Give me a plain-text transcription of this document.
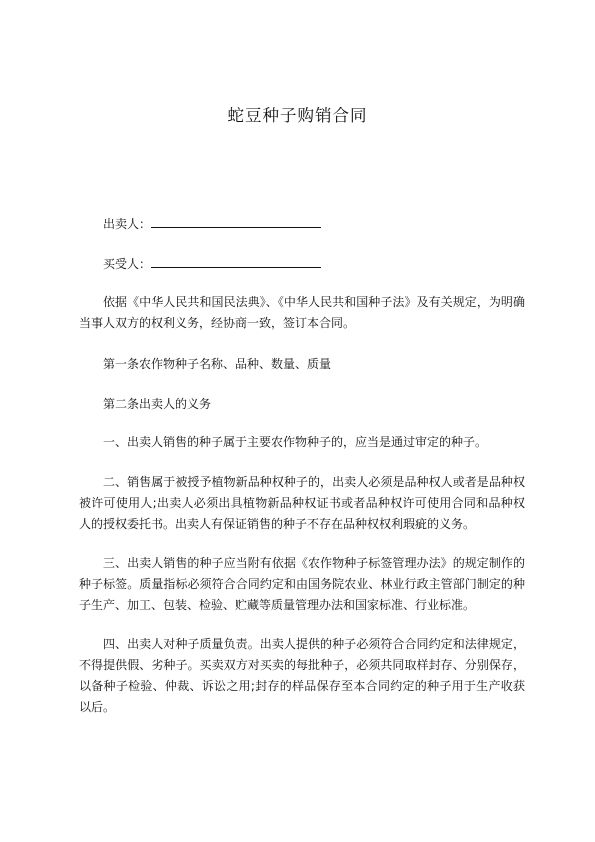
蛇豆种子购销合同
出卖人：
买受人：
依据《中华人民共和国民法典》、《中华人民共和国种子法》及有关规定，为明确当事人双方的权利义务，经协商一致，签订本合同。
第一条农作物种子名称、品种、数量、质量
第二条出卖人的义务
一、出卖人销售的种子属于主要农作物种子的，应当是通过审定的种子。
二、销售属于被授予植物新品种权种子的，出卖人必须是品种权人或者是品种权被许可使用人;出卖人必须出具植物新品种权证书或者品种权许可使用合同和品种权人的授权委托书。出卖人有保证销售的种子不存在品种权权利瑕疵的义务。
三、出卖人销售的种子应当附有依据《农作物种子标签管理办法》的规定制作的种子标签。质量指标必须符合合同约定和由国务院农业、林业行政主管部门制定的种子生产、加工、包装、检验、贮藏等质量管理办法和国家标准、行业标准。
四、出卖人对种子质量负责。出卖人提供的种子必须符合合同约定和法律规定，不得提供假、劣种子。买卖双方对买卖的每批种子，必须共同取样封存、分别保存，以备种子检验、仲裁、诉讼之用;封存的样品保存至本合同约定的种子用于生产收获以后。
